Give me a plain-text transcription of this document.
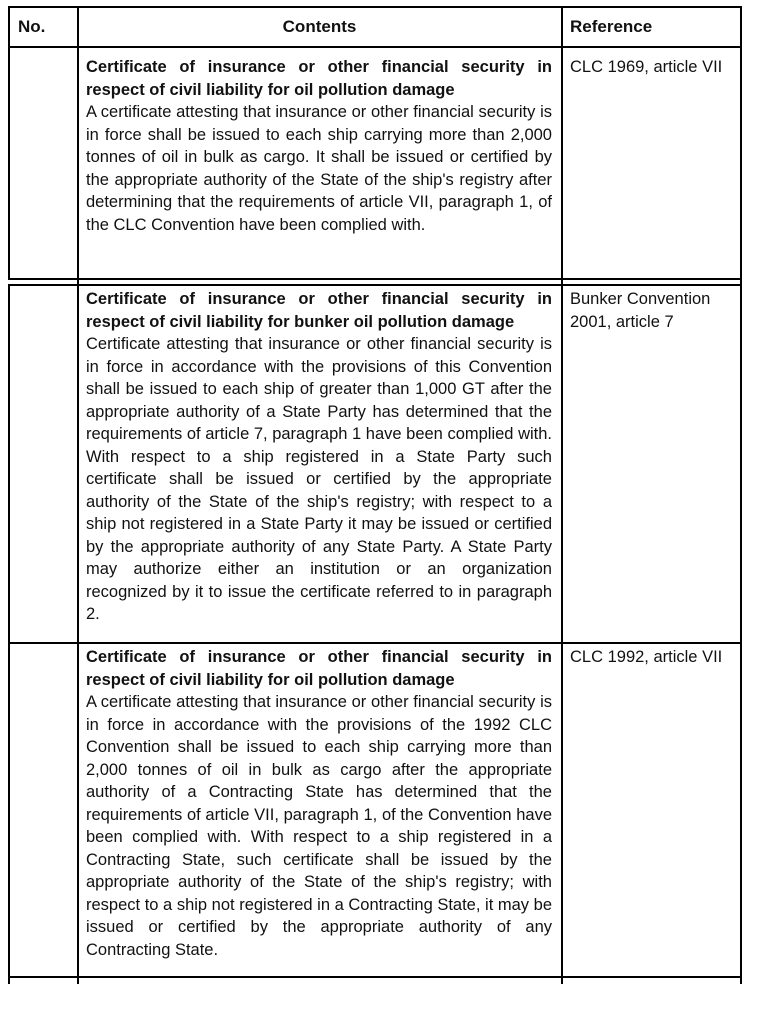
No.	Contents	Reference

Certificate of insurance or other financial security in respect of civil liability for oil pollution damage

A certificate attesting that insurance or other financial security is in force shall be issued to each ship carrying more than 2,000 tonnes of oil in bulk as cargo. It shall be issued or certified by the appropriate authority of the State of the ship's registry after determining that the requirements of article VII, paragraph 1, of the CLC Convention have been complied with.

CLC 1969, article VII

Certificate of insurance or other financial security in respect of civil liability for bunker oil pollution damage

Certificate attesting that insurance or other financial security is in force in accordance with the provisions of this Convention shall be issued to each ship of greater than 1,000 GT after the appropriate authority of a State Party has determined that the requirements of article 7, paragraph 1 have been complied with. With respect to a ship registered in a State Party such certificate shall be issued or certified by the appropriate authority of the State of the ship's registry; with respect to a ship not registered in a State Party it may be issued or certified by the appropriate authority of any State Party. A State Party may authorize either an institution or an organization recognized by it to issue the certificate referred to in paragraph 2.

Bunker Convention 2001, article 7

Certificate of insurance or other financial security in respect of civil liability for oil pollution damage

A certificate attesting that insurance or other financial security is in force in accordance with the provisions of the 1992 CLC Convention shall be issued to each ship carrying more than 2,000 tonnes of oil in bulk as cargo after the appropriate authority of a Contracting State has determined that the requirements of article VII, paragraph 1, of the Convention have been complied with. With respect to a ship registered in a Contracting State, such certificate shall be issued by the appropriate authority of the State of the ship's registry; with respect to a ship not registered in a Contracting State, it may be issued or certified by the appropriate authority of any Contracting State.

CLC 1992, article VII
